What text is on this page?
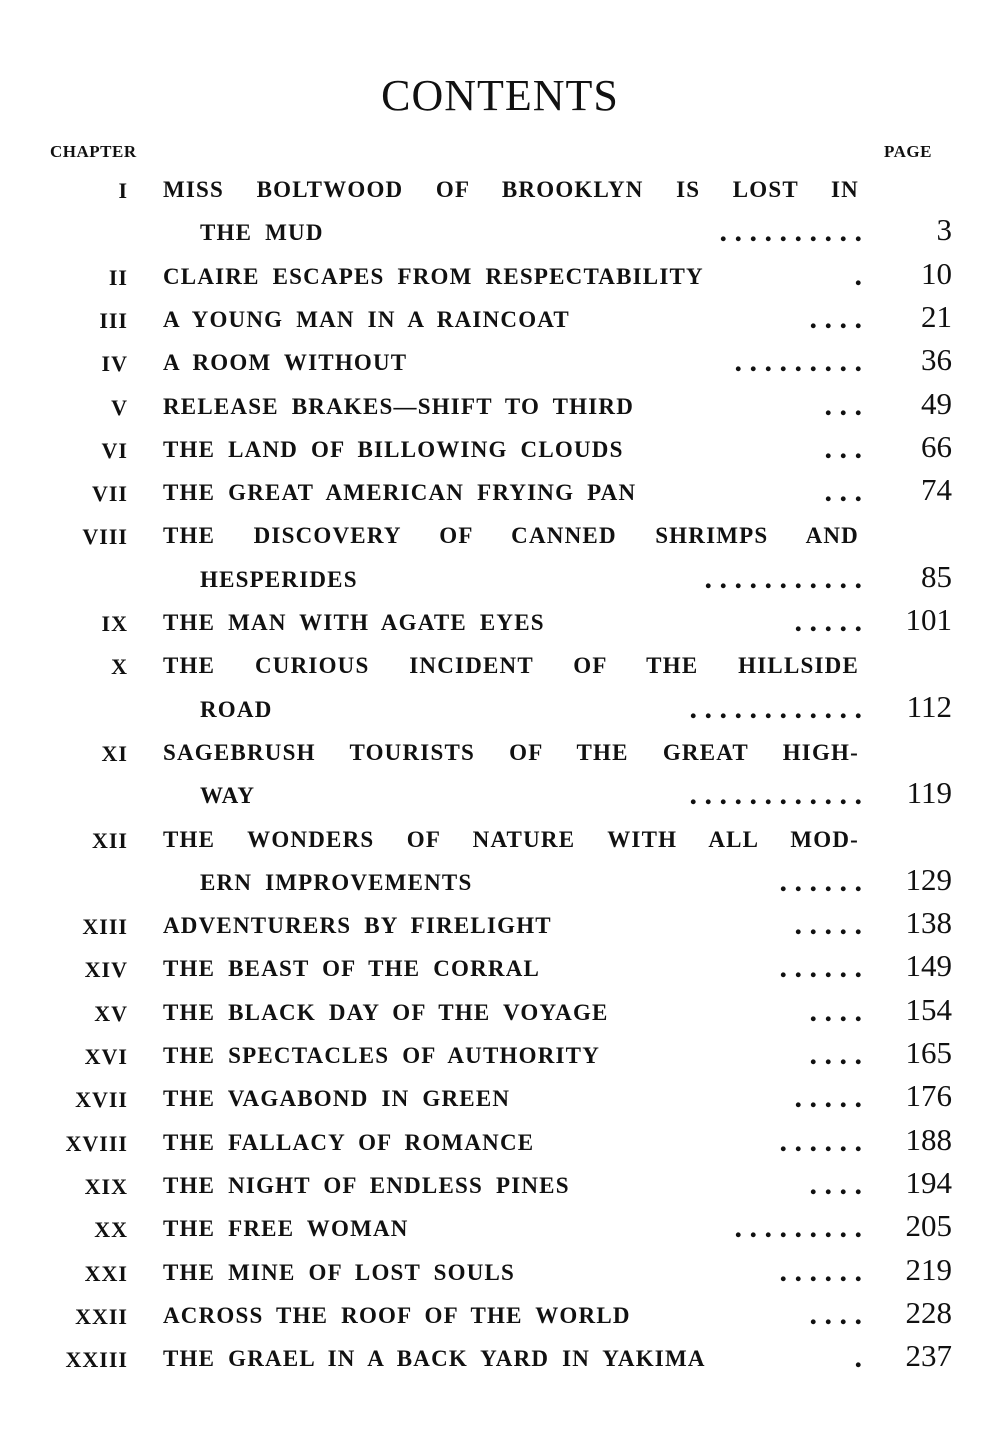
CONTENTS
CHAPTER	PAGE
I MISS BOLTWOOD OF BROOKLYN IS LOST IN
THE MUD	. . . . . . . . . .	3
II CLAIRE ESCAPES FROM RESPECTABILITY	.	10
III A YOUNG MAN IN A RAINCOAT	. . . .	21
IV A ROOM WITHOUT	. . . . . . . . .	36
V RELEASE BRAKES—SHIFT TO THIRD	. . .	49
VI THE LAND OF BILLOWING CLOUDS	. . .	66
VII THE GREAT AMERICAN FRYING PAN	. . .	74
VIII THE DISCOVERY OF CANNED SHRIMPS AND
HESPERIDES	. . . . . . . . . . .	85
IX THE MAN WITH AGATE EYES	. . . . .	101
X THE CURIOUS INCIDENT OF THE HILLSIDE
ROAD	. . . . . . . . . . . .	112
XI SAGEBRUSH TOURISTS OF THE GREAT HIGH-
WAY	. . . . . . . . . . . .	119
XII THE WONDERS OF NATURE WITH ALL MOD-
ERN IMPROVEMENTS	. . . . . .	129
XIII ADVENTURERS BY FIRELIGHT	. . . . .	138
XIV THE BEAST OF THE CORRAL	. . . . . .	149
XV THE BLACK DAY OF THE VOYAGE	. . . .	154
XVI THE SPECTACLES OF AUTHORITY	. . . .	165
XVII THE VAGABOND IN GREEN	. . . . .	176
XVIII THE FALLACY OF ROMANCE	. . . . . .	188
XIX THE NIGHT OF ENDLESS PINES	. . . .	194
XX THE FREE WOMAN	. . . . . . . . .	205
XXI THE MINE OF LOST SOULS	. . . . . .	219
XXII ACROSS THE ROOF OF THE WORLD	. . . .	228
XXIII THE GRAEL IN A BACK YARD IN YAKIMA	.	237
